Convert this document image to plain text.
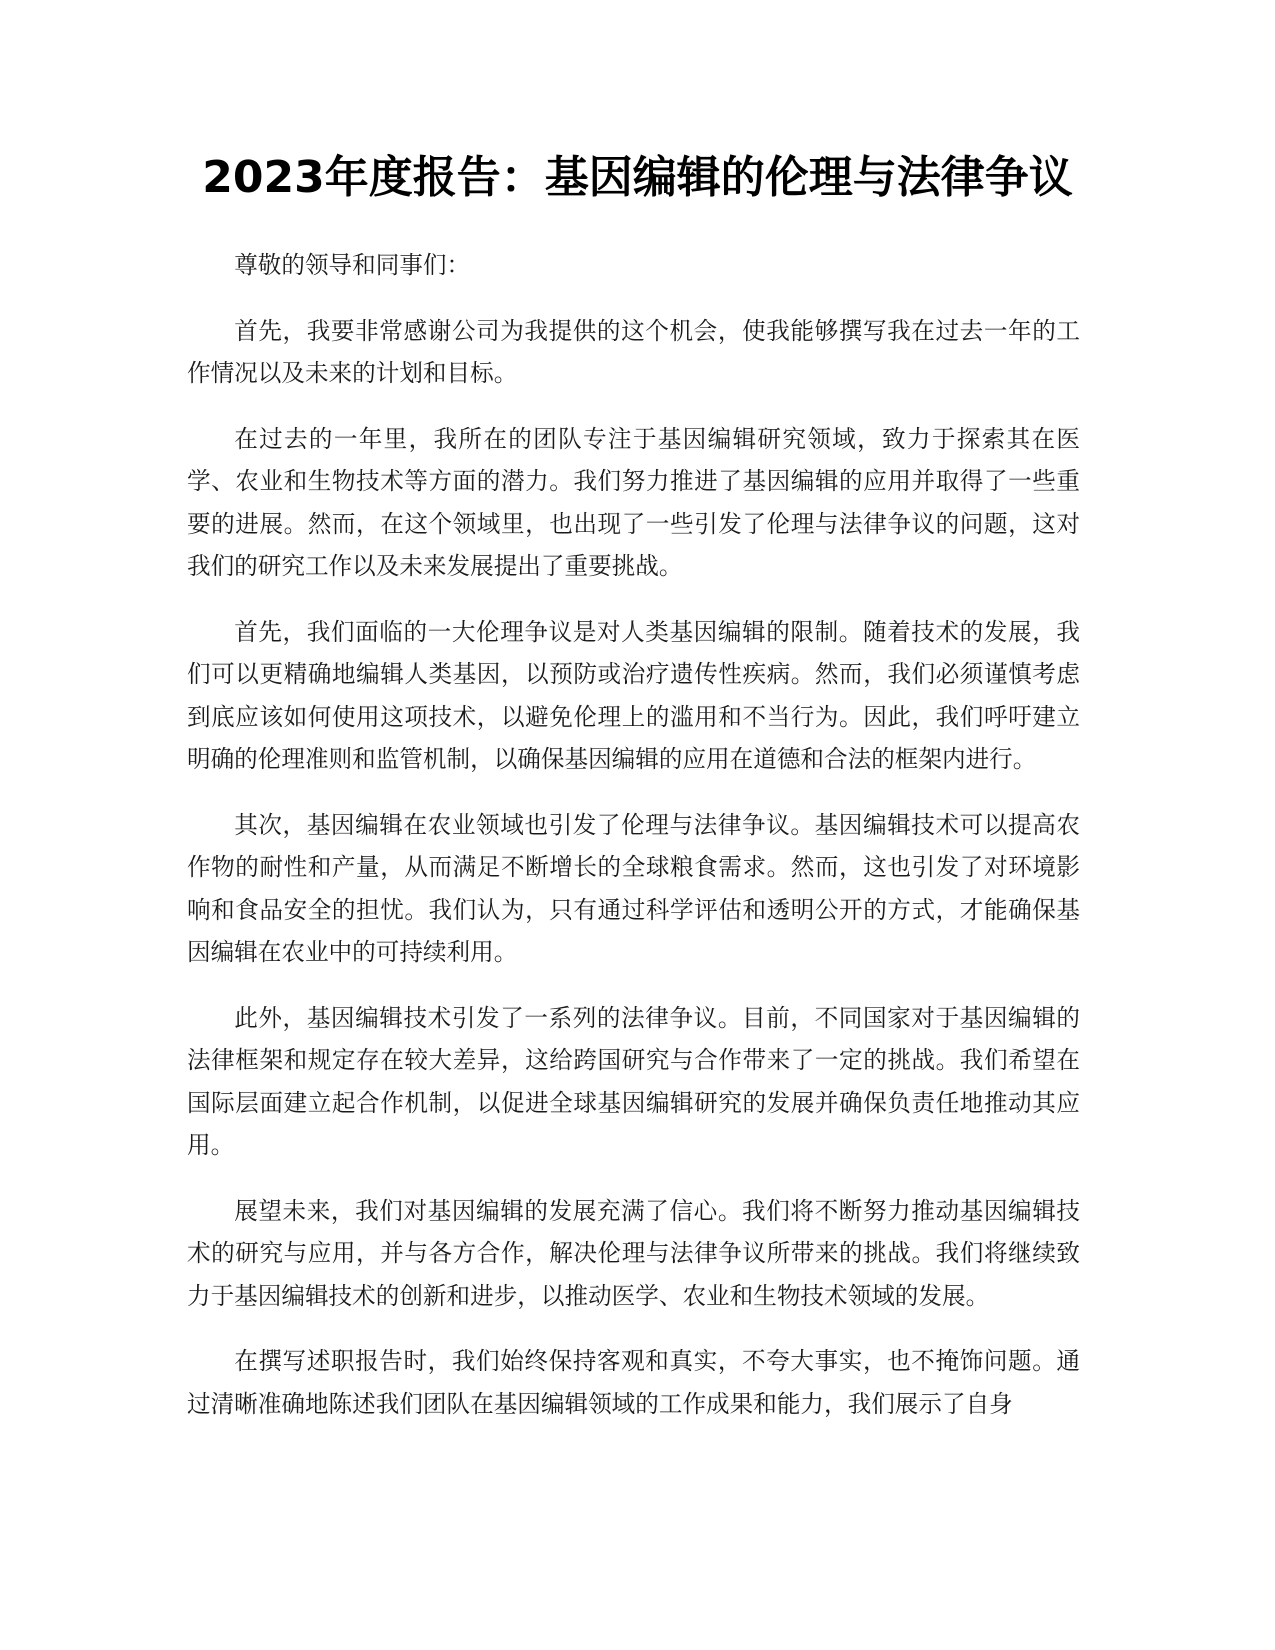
2023年度报告：基因编辑的伦理与法律争议

尊敬的领导和同事们：

首先，我要非常感谢公司为我提供的这个机会，使我能够撰写我在过去一年的工作情况以及未来的计划和目标。

在过去的一年里，我所在的团队专注于基因编辑研究领域，致力于探索其在医学、农业和生物技术等方面的潜力。我们努力推进了基因编辑的应用并取得了一些重要的进展。然而，在这个领域里，也出现了一些引发了伦理与法律争议的问题，这对我们的研究工作以及未来发展提出了重要挑战。

首先，我们面临的一大伦理争议是对人类基因编辑的限制。随着技术的发展，我们可以更精确地编辑人类基因，以预防或治疗遗传性疾病。然而，我们必须谨慎考虑到底应该如何使用这项技术，以避免伦理上的滥用和不当行为。因此，我们呼吁建立明确的伦理准则和监管机制，以确保基因编辑的应用在道德和合法的框架内进行。

其次，基因编辑在农业领域也引发了伦理与法律争议。基因编辑技术可以提高农作物的耐性和产量，从而满足不断增长的全球粮食需求。然而，这也引发了对环境影响和食品安全的担忧。我们认为，只有通过科学评估和透明公开的方式，才能确保基因编辑在农业中的可持续利用。

此外，基因编辑技术引发了一系列的法律争议。目前，不同国家对于基因编辑的法律框架和规定存在较大差异，这给跨国研究与合作带来了一定的挑战。我们希望在国际层面建立起合作机制，以促进全球基因编辑研究的发展并确保负责任地推动其应用。

展望未来，我们对基因编辑的发展充满了信心。我们将不断努力推动基因编辑技术的研究与应用，并与各方合作，解决伦理与法律争议所带来的挑战。我们将继续致力于基因编辑技术的创新和进步，以推动医学、农业和生物技术领域的发展。

在撰写述职报告时，我们始终保持客观和真实，不夸大事实，也不掩饰问题。通过清晰准确地陈述我们团队在基因编辑领域的工作成果和能力，我们展示了自身
